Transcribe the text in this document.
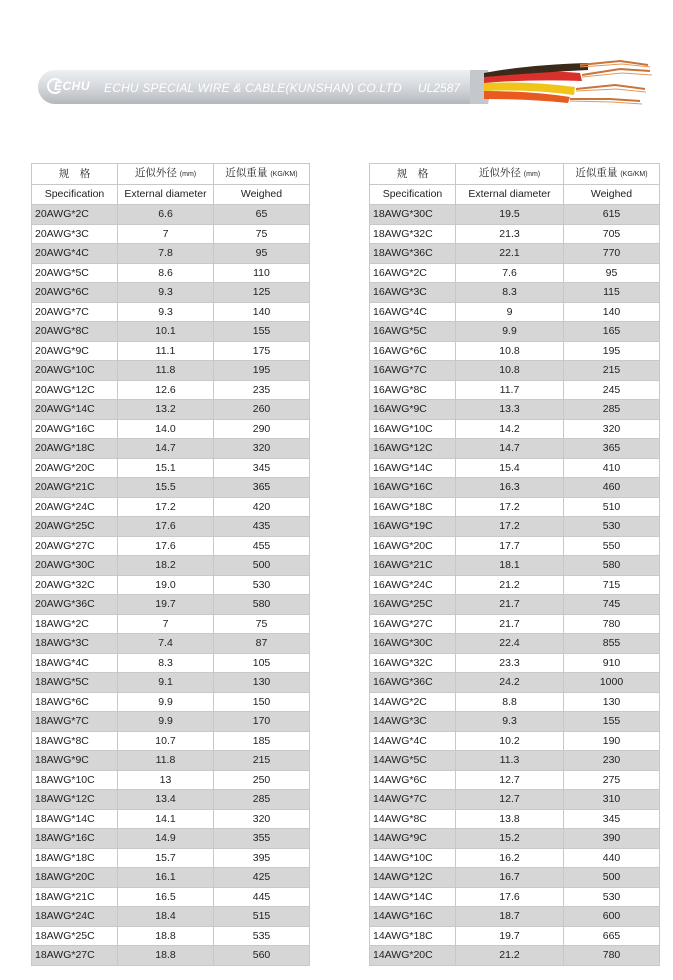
ECHU ECHU SPECIAL WIRE & CABLE(KUNSHAN) CO.LTD UL2587
规　格	近似外径 (mm)	近似重量 (KG/KM)
Specification	External diameter	Weighed
20AWG*2C	6.6	65
20AWG*3C	7	75
20AWG*4C	7.8	95
20AWG*5C	8.6	110
20AWG*6C	9.3	125
20AWG*7C	9.3	140
20AWG*8C	10.1	155
20AWG*9C	11.1	175
20AWG*10C	11.8	195
20AWG*12C	12.6	235
20AWG*14C	13.2	260
20AWG*16C	14.0	290
20AWG*18C	14.7	320
20AWG*20C	15.1	345
20AWG*21C	15.5	365
20AWG*24C	17.2	420
20AWG*25C	17.6	435
20AWG*27C	17.6	455
20AWG*30C	18.2	500
20AWG*32C	19.0	530
20AWG*36C	19.7	580
18AWG*2C	7	75
18AWG*3C	7.4	87
18AWG*4C	8.3	105
18AWG*5C	9.1	130
18AWG*6C	9.9	150
18AWG*7C	9.9	170
18AWG*8C	10.7	185
18AWG*9C	11.8	215
18AWG*10C	13	250
18AWG*12C	13.4	285
18AWG*14C	14.1	320
18AWG*16C	14.9	355
18AWG*18C	15.7	395
18AWG*20C	16.1	425
18AWG*21C	16.5	445
18AWG*24C	18.4	515
18AWG*25C	18.8	535
18AWG*27C	18.8	560
规　格	近似外径 (mm)	近似重量 (KG/KM)
Specification	External diameter	Weighed
18AWG*30C	19.5	615
18AWG*32C	21.3	705
18AWG*36C	22.1	770
16AWG*2C	7.6	95
16AWG*3C	8.3	115
16AWG*4C	9	140
16AWG*5C	9.9	165
16AWG*6C	10.8	195
16AWG*7C	10.8	215
16AWG*8C	11.7	245
16AWG*9C	13.3	285
16AWG*10C	14.2	320
16AWG*12C	14.7	365
16AWG*14C	15.4	410
16AWG*16C	16.3	460
16AWG*18C	17.2	510
16AWG*19C	17.2	530
16AWG*20C	17.7	550
16AWG*21C	18.1	580
16AWG*24C	21.2	715
16AWG*25C	21.7	745
16AWG*27C	21.7	780
16AWG*30C	22.4	855
16AWG*32C	23.3	910
16AWG*36C	24.2	1000
14AWG*2C	8.8	130
14AWG*3C	9.3	155
14AWG*4C	10.2	190
14AWG*5C	11.3	230
14AWG*6C	12.7	275
14AWG*7C	12.7	310
14AWG*8C	13.8	345
14AWG*9C	15.2	390
14AWG*10C	16.2	440
14AWG*12C	16.7	500
14AWG*14C	17.6	530
14AWG*16C	18.7	600
14AWG*18C	19.7	665
14AWG*20C	21.2	780
